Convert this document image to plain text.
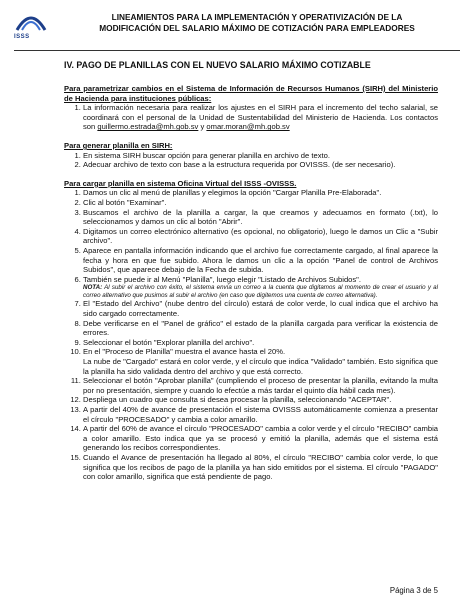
ISSS
LINEAMIENTOS PARA LA IMPLEMENTACIÓN Y OPERATIVIZACIÓN DE LA
MODIFICACIÓN DEL SALARIO MÁXIMO DE COTIZACIÓN PARA EMPLEADORES
IV. PAGO DE PLANILLAS CON EL NUEVO SALARIO MÁXIMO COTIZABLE
Para parametrizar cambios en el Sistema de Información de Recursos Humanos (SIRH) del Ministerio de Hacienda para instituciones públicas:
1. La información necesaria para realizar los ajustes en el SIRH para el incremento del techo salarial, se coordinará con el personal de la Unidad de Sustentabilidad del Ministerio de Hacienda. Los contactos son guillermo.estrada@mh.gob.sv y omar.moran@mh.gob.sv
Para generar planilla en SIRH:
1. En sistema SIRH buscar opción para generar planilla en archivo de texto.
2. Adecuar archivo de texto con base a la estructura requerida por OVISSS. (de ser necesario).
Para cargar planilla en sistema Oficina Virtual del ISSS -OVISSS.
1. Damos un clic al menú de planillas y elegimos la opción "Cargar Planilla Pre-Elaborada".
2. Clic al botón "Examinar".
3. Buscamos el archivo de la planilla a cargar, la que creamos y adecuamos en formato (.txt), lo seleccionamos y damos un clic al botón "Abrir".
4. Digitamos un correo electrónico alternativo (es opcional, no obligatorio), luego le damos un Clic a "Subir archivo".
5. Aparece en pantalla información indicando que el archivo fue correctamente cargado, al final aparece la fecha y hora en que fue subido. Ahora le damos un clic a la opción "Panel de control de Archivos Subidos", que aparece debajo de la Fecha de subida.
6. También se puede ir al Menú "Planilla", luego elegir "Listado de Archivos Subidos".
NOTA: Al subir el archivo con éxito, el sistema envía un correo a la cuenta que digitamos al momento de crear el usuario y al correo alternativo que pusimos al subir el archivo (en caso que digitemos una cuenta de correo alternativa).
7. El "Estado del Archivo" (nube dentro del círculo) estará de color verde, lo cual indica que el archivo ha sido cargado correctamente.
8. Debe verificarse en el "Panel de gráfico" el estado de la planilla cargada para verificar la existencia de errores.
9. Seleccionar el botón "Explorar planilla del archivo".
10. En el "Proceso de Planilla" muestra el avance hasta el 20%.
La nube de "Cargado" estará en color verde, y el círculo que indica "Validado" también. Esto significa que la planilla ha sido validada dentro del archivo y que está correcto.
11. Seleccionar el botón "Aprobar planilla" (cumpliendo el proceso de presentar la planilla, evitando la multa por no presentación, siempre y cuando lo efectúe a más tardar el quinto día hábil cada mes).
12. Despliega un cuadro que consulta si desea procesar la planilla, seleccionando "ACEPTAR".
13. A partir del 40% de avance de presentación el sistema OVISSS automáticamente comienza a presentar el círculo "PROCESADO" y cambia a color amarillo.
14. A partir del 60% de avance el círculo "PROCESADO" cambia a color verde y el círculo "RECIBO" cambia a color amarillo. Esto indica que ya se procesó y emitió la planilla, además que el sistema está generando los recibos correspondientes.
15. Cuando el Avance de presentación ha llegado al 80%, el círculo "RECIBO" cambia color verde, lo que significa que los recibos de pago de la planilla ya han sido emitidos por el sistema. El círculo "PAGADO" con color amarillo, significa que está pendiente de pago.
Página 3 de 5
